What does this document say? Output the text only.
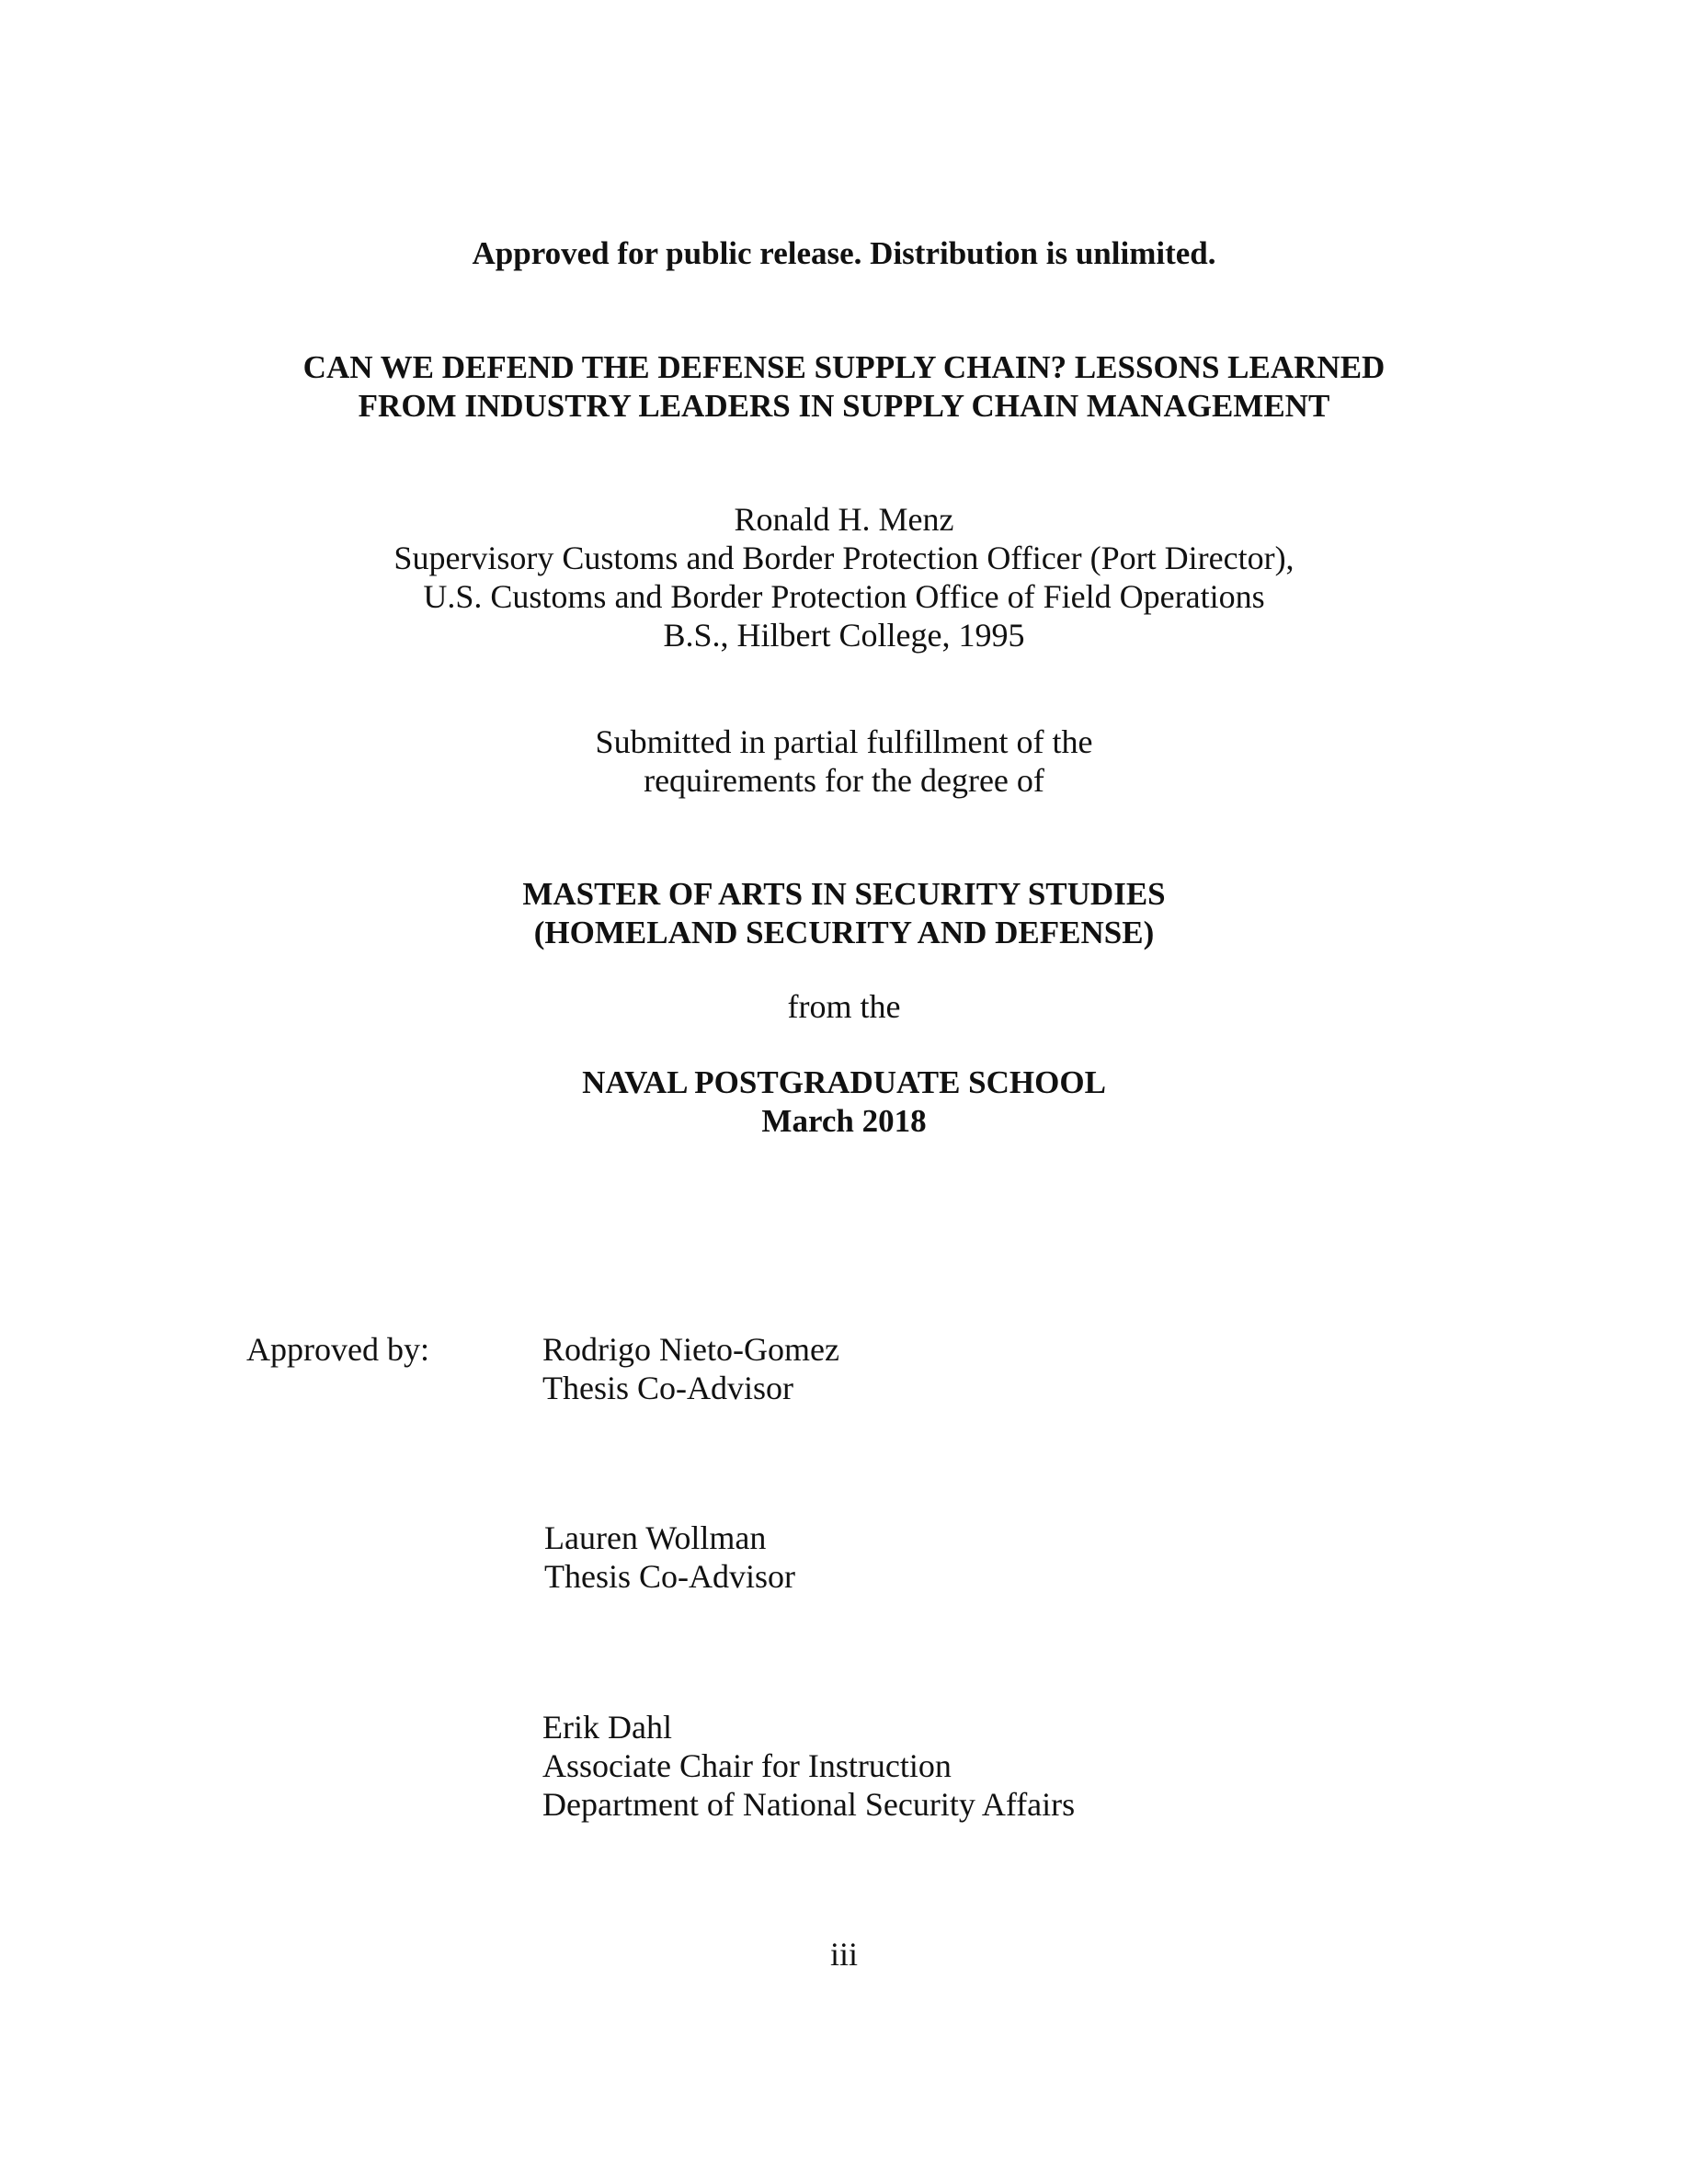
Approved for public release. Distribution is unlimited.
CAN WE DEFEND THE DEFENSE SUPPLY CHAIN? LESSONS LEARNED
FROM INDUSTRY LEADERS IN SUPPLY CHAIN MANAGEMENT
Ronald H. Menz
Supervisory Customs and Border Protection Officer (Port Director),
U.S. Customs and Border Protection Office of Field Operations
B.S., Hilbert College, 1995
Submitted in partial fulfillment of the
requirements for the degree of
MASTER OF ARTS IN SECURITY STUDIES
(HOMELAND SECURITY AND DEFENSE)
from the
NAVAL POSTGRADUATE SCHOOL
March 2018
Approved by:	Rodrigo Nieto-Gomez
Thesis Co-Advisor
Lauren Wollman
Thesis Co-Advisor
Erik Dahl
Associate Chair for Instruction
Department of National Security Affairs
iii
